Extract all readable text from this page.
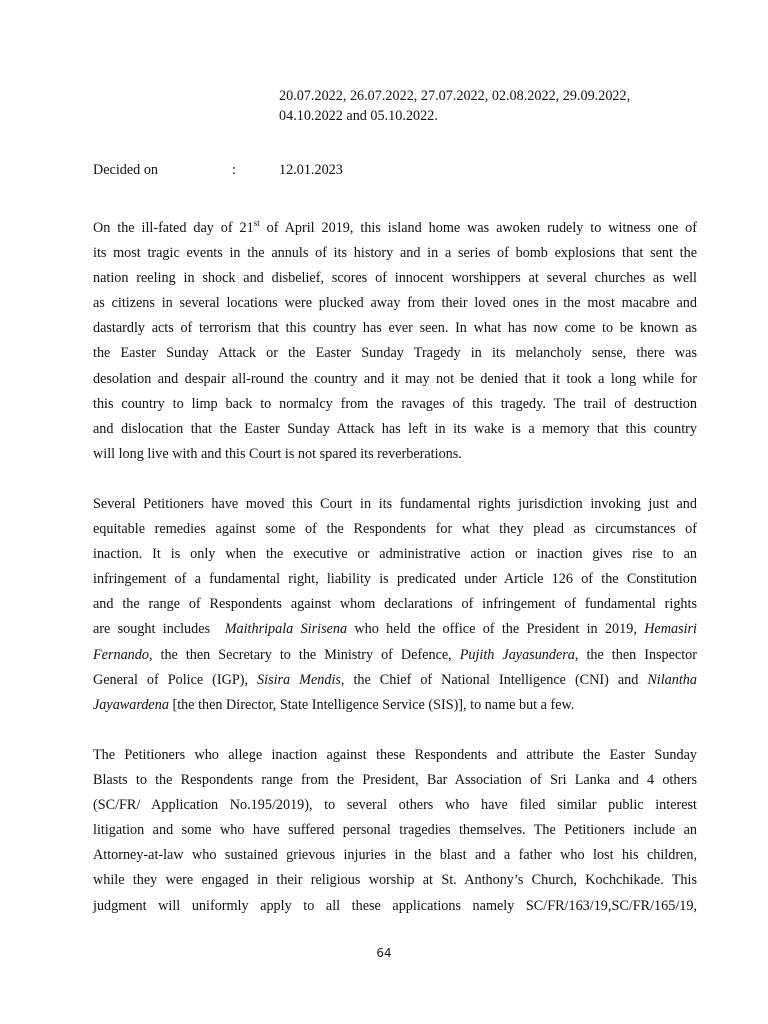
20.07.2022, 26.07.2022, 27.07.2022, 02.08.2022, 29.09.2022,
04.10.2022 and 05.10.2022.
Decided on	:	12.01.2023
On the ill-fated day of 21st of April 2019, this island home was awoken rudely to witness one of
its most tragic events in the annuls of its history and in a series of bomb explosions that sent the
nation reeling in shock and disbelief, scores of innocent worshippers at several churches as well
as citizens in several locations were plucked away from their loved ones in the most macabre and
dastardly acts of terrorism that this country has ever seen. In what has now come to be known as
the Easter Sunday Attack or the Easter Sunday Tragedy in its melancholy sense, there was
desolation and despair all-round the country and it may not be denied that it took a long while for
this country to limp back to normalcy from the ravages of this tragedy. The trail of destruction
and dislocation that the Easter Sunday Attack has left in its wake is a memory that this country
will long live with and this Court is not spared its reverberations.
Several Petitioners have moved this Court in its fundamental rights jurisdiction invoking just and
equitable remedies against some of the Respondents for what they plead as circumstances of
inaction. It is only when the executive or administrative action or inaction gives rise to an
infringement of a fundamental right, liability is predicated under Article 126 of the Constitution
and the range of Respondents against whom declarations of infringement of fundamental rights
are sought includes  Maithripala Sirisena who held the office of the President in 2019, Hemasiri
Fernando, the then Secretary to the Ministry of Defence, Pujith Jayasundera, the then Inspector
General of Police (IGP), Sisira Mendis, the Chief of National Intelligence (CNI) and Nilantha
Jayawardena [the then Director, State Intelligence Service (SIS)], to name but a few.
The Petitioners who allege inaction against these Respondents and attribute the Easter Sunday
Blasts to the Respondents range from the President, Bar Association of Sri Lanka and 4 others
(SC/FR/ Application No.195/2019), to several others who have filed similar public interest
litigation and some who have suffered personal tragedies themselves. The Petitioners include an
Attorney-at-law who sustained grievous injuries in the blast and a father who lost his children,
while they were engaged in their religious worship at St. Anthony’s Church, Kochchikade. This
judgment will uniformly apply to all these applications namely SC/FR/163/19,SC/FR/165/19,
64
